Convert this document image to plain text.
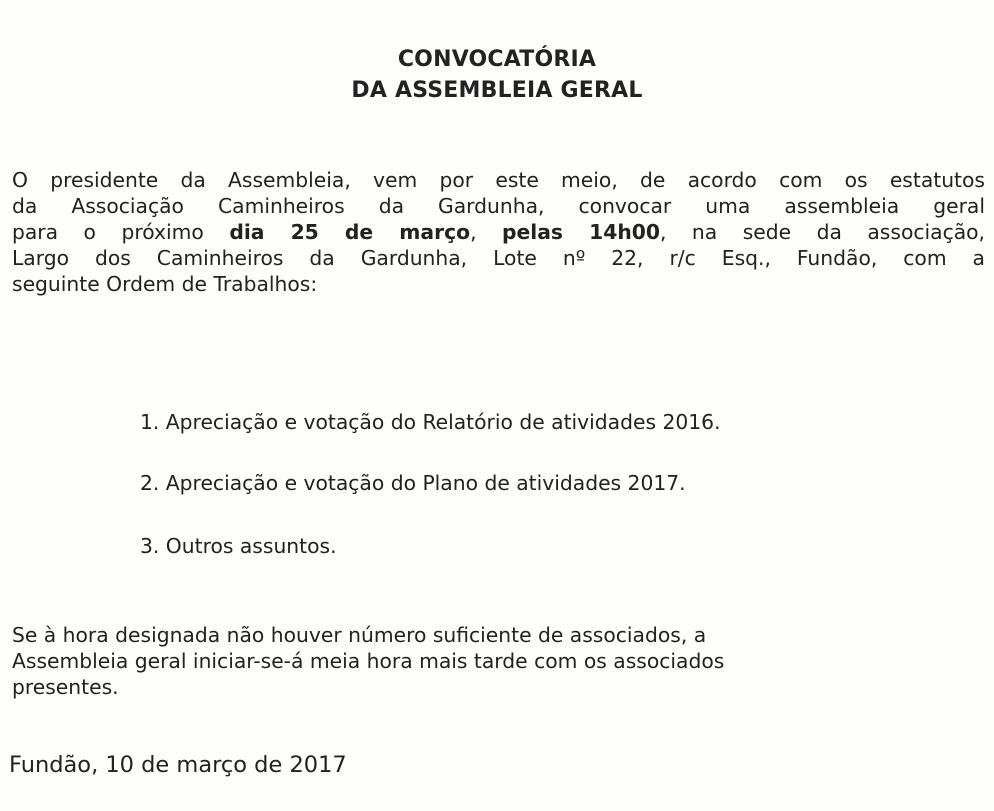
CONVOCATÓRIA
DA ASSEMBLEIA GERAL
O presidente da Assembleia, vem por este meio, de acordo com os estatutos
da Associação Caminheiros da Gardunha, convocar uma assembleia geral
para o próximo dia 25 de março, pelas 14h00, na sede da associação,
Largo dos Caminheiros da Gardunha, Lote nº 22, r/c Esq., Fundão, com a
seguinte Ordem de Trabalhos:
1. Apreciação e votação do Relatório de atividades 2016.
2. Apreciação e votação do Plano de atividades 2017.
3. Outros assuntos.
Se à hora designada não houver número suficiente de associados, a
Assembleia geral iniciar-se-á meia hora mais tarde com os associados
presentes.
Fundão, 10 de março de 2017
